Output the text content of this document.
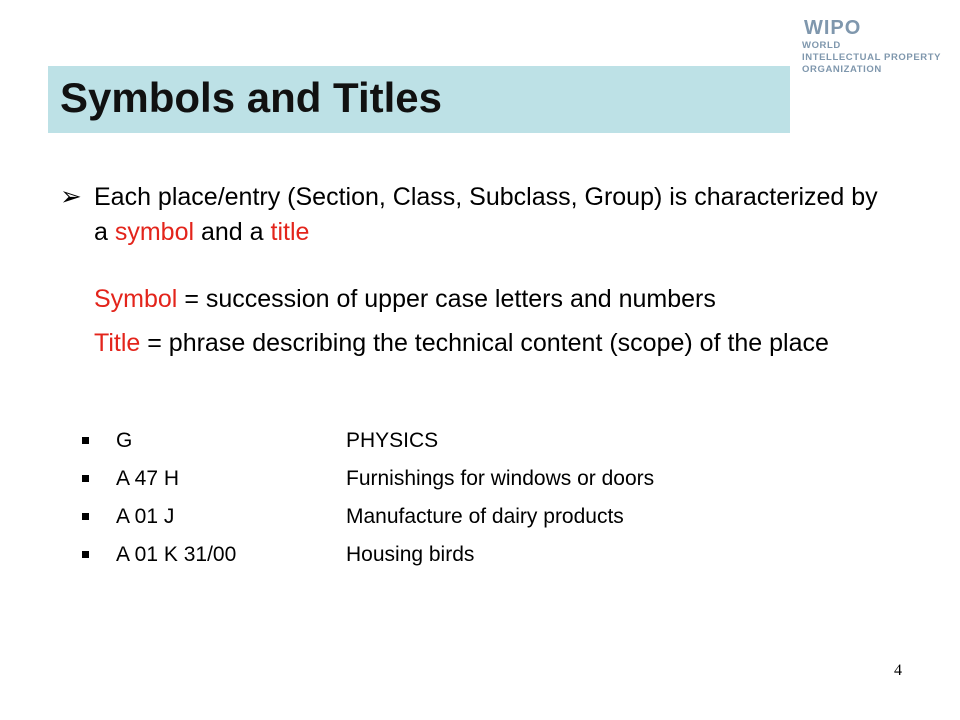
WIPO
WORLD
INTELLECTUAL PROPERTY
ORGANIZATION
Symbols and Titles
➢ Each place/entry (Section, Class, Subclass, Group) is characterized by a symbol and a title
Symbol = succession of upper case letters and numbers
Title = phrase describing the technical content (scope) of the place
G	PHYSICS
A 47 H	Furnishings for windows or doors
A 01 J	Manufacture of dairy products
A 01 K 31/00	Housing birds
4
